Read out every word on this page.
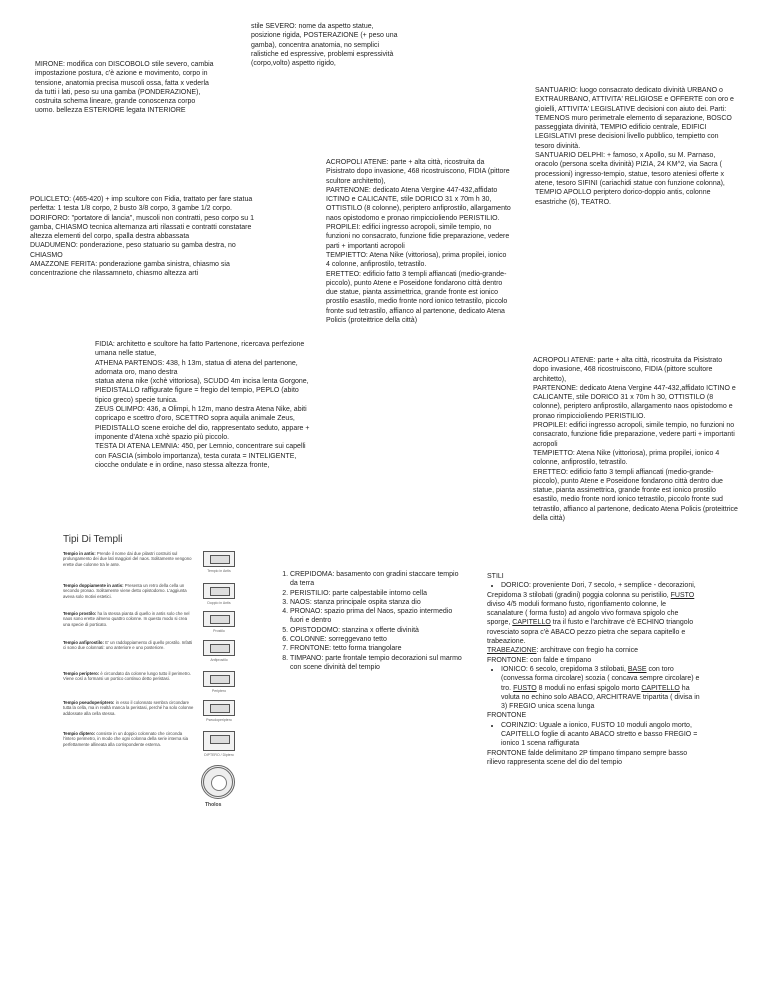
stile SEVERO: nome da aspetto statue, posizione rigida, POSTERAZIONE (+ peso una gamba), concentra anatomia, no semplici ralistiche ed espressive, problemi espressività (corpo,volto) aspetto rigido,
MIRONE: modifica con DISCOBOLO stile severo, cambia impostazione postura, c'è azione e movimento, corpo in tensione, anatomia precisa muscoli ossa, fatta x vederla da tutti i lati, peso su una gamba (PONDERAZIONE), costruita schema lineare, grande conoscenza corpo uomo. bellezza ESTERIORE legata INTERIORE
SANTUARIO: luogo consacrato dedicato divinità URBANO o EXTRAURBANO, ATTIVITA' RELIGIOSE e OFFERTE con oro e gioielli, ATTIVITA' LEGISLATIVE decisioni con aiuto dei. Parti: TEMENOS muro perimetrale elemento di separazione, BOSCO passeggiata divinità, TEMPIO edificio centrale, EDIFICI LEGISLATIVI prese decisioni livello pubblico, tempietto con tesoro divinità.
SANTUARIO DELPHI: + famoso, x Apollo, su M. Parnaso, oracolo (persona scelta divinità) PIZIA, 24 KM^2, via Sacra ( processioni) ingresso-tempio, statue, tesoro ateniesi offerte x atene, tesoro SIFINI (cariachidi statue con funzione colonna), TEMPIO APOLLO periptero dorico-doppio antis, colonne esastriche (6), TEATRO.
ACROPOLI ATENE: parte + alta città, ricostruita da Pisistrato dopo invasione, 468 ricostruiscono, FIDIA (pittore scultore architetto),
PARTENONE: dedicato Atena Vergine 447-432,affidato ICTINO e CALICANTE, stile DORICO 31 x 70m h 30, OTTISTILO (8 colonne), periptero anfiprostilo, allargamento naos opistodomo e pronao rimpiccioliendo PERISTILIO.
PROPILEI: edifici ingresso acropoli, simile tempio, no funzioni no consacrato, funzione fidie preparazione, vedere parti + importanti acropoli
TEMPIETTO: Atena Nike (vittoriosa), prima propilei, ionico 4 colonne, anfiprostilo, tetrastilo.
ERETTEO: edificio fatto 3 templi affiancati (medio-grande-piccolo), punto Atene e Poseidone fondarono città dentro due statue, pianta assimettrica, grande fronte est ionico prostilo esastilo, medio fronte nord ionico tetrastilo, piccolo fronte sud tetrastilo, affianco al partenone, dedicato Atena Policis (proteittrice della città)
POLICLETO: (465-420) + imp scultore con Fidia, trattato per fare statua perfetta: 1 testa 1/8 corpo, 2 busto 3/8 corpo, 3 gambe 1/2 corpo.
DORIFORO: "portatore di lancia", muscoli non contratti, peso corpo su 1 gamba, CHIASMO tecnica alternanza arti rilassati e contratti constatare altezza elementi del corpo, spalla destra abbassata
DUADUMENO: ponderazione, peso statuario su gamba destra, no CHIASMO
AMAZZONE FERITA: ponderazione gamba sinistra, chiasmo sia concentrazione che rilassamneto, chiasmo altezza arti
FIDIA: architetto e scultore ha fatto Partenone, ricercava perfezione umana nelle statue,
ATHENA PARTENOS: 438, h 13m, statua di atena del partenone, adornata oro, mano destra
statua atena nike (xchè vittoriosa), SCUDO 4m incisa lenta Gorgone, PIEDISTALLO raffigurate figure = fregio del tempio, PEPLO (abito tipico greco) specie tunica.
ZEUS OLIMPO: 436, a Olimpi, h 12m, mano destra Atena Nike, abiti copricapo e scettro d'oro, SCETTRO sopra aquila animale Zeus, PIEDISTALLO scene eroiche del dio, rappresentato seduto, appare + imponente d'Atena xchè spazio più piccolo.
TESTA DI ATENA LEMNIA: 450, per Lemnio, concentrare sui capelli con FASCIA (simbolo importanza), testa curata = INTELIGENTE, ciocche ondulate e in ordine, naso stessa altezza fronte,
ACROPOLI ATENE: parte + alta città, ricostruita da Pisistrato dopo invasione, 468 ricostruiscono, FIDIA (pittore scultore architetto),
PARTENONE: dedicato Atena Vergine 447-432,affidato ICTINO e CALICANTE, stile DORICO 31 x 70m h 30, OTTISTILO (8 colonne), periptero anfiprostilo, allargamento naos opistodomo e pronao rimpiccioliendo PERISTILIO.
PROPILEI: edifici ingresso acropoli, simile tempio, no funzioni no consacrato, funzione fidie preparazione, vedere parti + importanti acropoli
TEMPIETTO: Atena Nike (vittoriosa), prima propilei, ionico 4 colonne, anfiprostilo, tetrastilo.
ERETTEO: edificio fatto 3 templi affiancati (medio-grande-piccolo), punto Atene e Poseidone fondarono città dentro due statue, pianta assimettrica, grande fronte est ionico prostilo esastilo, medio fronte nord ionico tetrastilo, piccolo fronte sud tetrastilo, affianco al partenone, dedicato Atena Policis (proteittrice della città)
Tipi Di Templi
Tempio in antis: Prende il nome dai due pilastri costruiti sul prolungamento dei due lati maggiori del naos. Solitamente vengono erette due colonne tra le ante.
Tempio in Antis
Tempio doppiamente in antis: Presenta un retro della cella un secondo pronao. Solitamente viene detto opistodomo. L'aggiunta aveva solo motivi estetici.
Doppio in Antis
Tempio prostilo: ha la stessa pianta di quello in antis solo che nel naos sono erette almeno quattro colonne. In questo modo si crea una specie di porticato.
Prostilo
Tempio anfiprostilo: E' un raddoppiamento di quello prostilo. Infatti ci sono due colonnati: uno anteriore e uno posteriore.
Anfiprostilo
Tempio periptero: è circondato da colonne lungo tutto il perimetro. Viene così a formarsi un portico continuo detto peristasi.
Periptero
Tempio pseudoperiptero: in esso il colonnato sembra circondare tutta la cella, ma in realtà manca la peristasi, perché ha solo colonne addossate alla cella stessa.
Pseudoperiptero
Tempio diptero: consiste in un doppio colonnato che circonda l'intero perimetro, in modo che ogni colonna della serie interna sia perfettamente allineata alla corrispondente esterna.
DIPTERO / Diptero
Tholos
1. CREPIDOMA: basamento con gradini staccare tempio da terra
2. PERISTILIO: parte calpestabile intorno cella
3. NAOS: stanza principale ospita stanza dio
4. PRONAO: spazio prima del Naos, spazio intermedio fuori e dentro
5. OPISTODOMO: stanzina x offerte divinità
6. COLONNE: sorreggevano tetto
7. FRONTONE: tetto forma triangolare
8. TIMPANO: parte frontale tempio decorazioni sul marmo con scene divinità del tempio

STILI

• DORICO: proveniente Dori, 7 secolo, + semplice - decorazioni,

Crepidoma 3 stilobati (gradini) poggia colonna su peristilio, FUSTO diviso 4/5 moduli formano fusto, rigonfiamento colonne, le scanalature ( forma fusto) ad angolo vivo formava spigolo che sporge, CAPITELLO tra il fusto e l'architrave c'è ECHINO triangolo rovesciato sopra c'è ABACO pezzo pietra che separa capitello e trabeazione.

TRABEAZIONE: architrave con fregio ha cornice

FRONTONE: con falde e timpano

• IONICO: 6 secolo, crepidoma 3 stilobati, BASE con toro (convessa forma circolare) scozia ( concava sempre circolare) e tro. FUSTO 8 moduli no enfasi spigolo morto CAPITELLO ha voluta no echino solo ABACO, ARCHITRAVE tripartita ( divisa in 3) FREGIO unica scena lunga

FRONTONE

• CORINZIO: Uguale a ionico, FUSTO 10 moduli angolo morto, CAPITELLO foglie di acanto ABACO stretto e basso FREGIO = ionico 1 scena raffigurata

FRONTONE falde delimitano 2P timpano timpano sempre basso rilievo rappresenta scene del dio del tempio
